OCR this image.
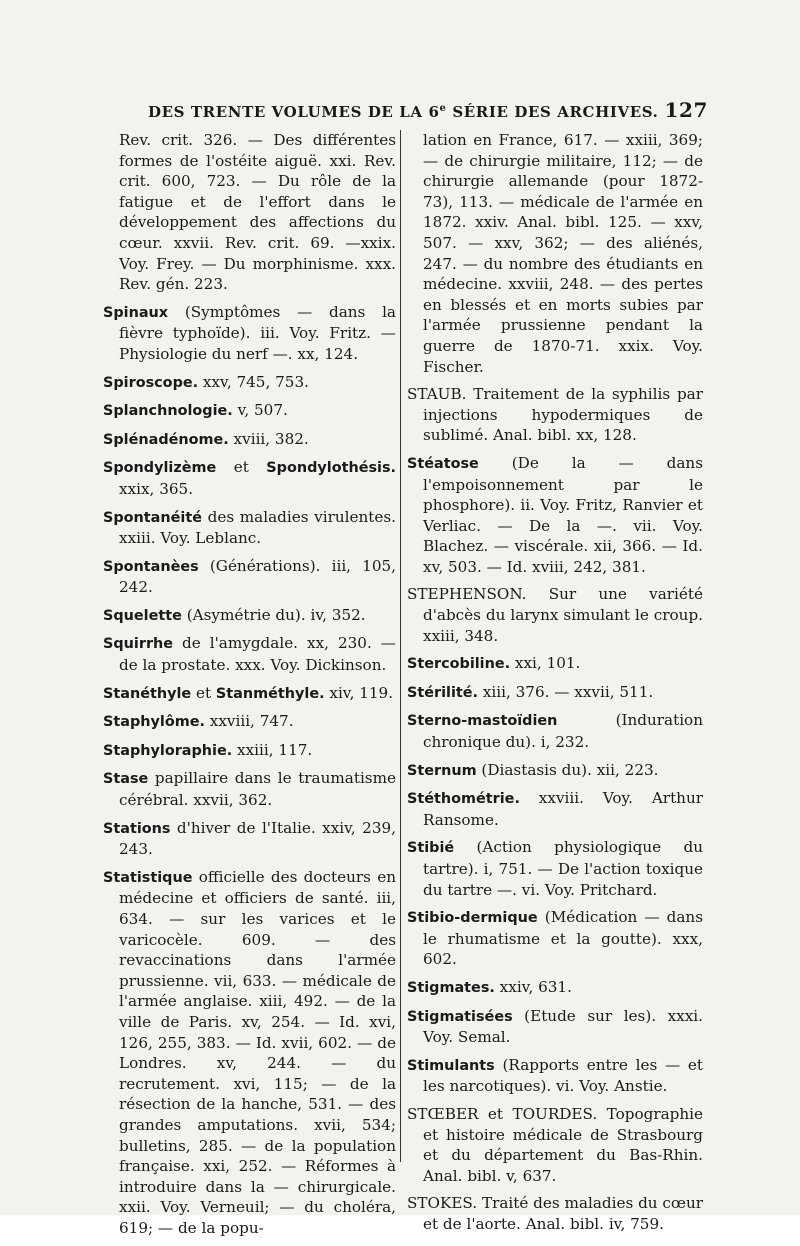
DES TRENTE VOLUMES DE LA 6e SÉRIE DES ARCHIVES. 127

Rev. crit. 326. — Des différentes formes de l'ostéite aiguë. xxi. Rev. crit. 600, 723. — Du rôle de la fatigue et de l'effort dans le développement des affections du cœur. xxvii. Rev. crit. 69. —xxix. Voy. Frey. — Du morphinisme. xxx. Rev. gén. 223.

Spinaux (Symptômes — dans la fièvre typhoïde). iii. Voy. Fritz. — Physiologie du nerf —. xx, 124.

Spiroscope. xxv, 745, 753.

Splanchnologie. v, 507.

Splénadénome. xviii, 382.

Spondylizème et Spondylothésis. xxix, 365.

Spontanéité des maladies virulentes. xxiii. Voy. Leblanc.

Spontanèes (Générations). iii, 105, 242.

Squelette (Asymétrie du). iv, 352.

Squirrhe de l'amygdale. xx, 230. — de la prostate. xxx. Voy. Dickinson.

Stanéthyle et Stanméthyle. xiv, 119.

Staphylôme. xxviii, 747.

Staphyloraphie. xxiii, 117.

Stase papillaire dans le traumatisme cérébral. xxvii, 362.

Stations d'hiver de l'Italie. xxiv, 239, 243.

Statistique officielle des docteurs en médecine et officiers de santé. iii, 634. — sur les varices et le varicocèle. 609. — des revaccinations dans l'armée prussienne. vii, 633. — médicale de l'armée anglaise. xiii, 492. — de la ville de Paris. xv, 254. — Id. xvi, 126, 255, 383. — Id. xvii, 602. — de Londres. xv, 244. — du recrutement. xvi, 115; — de la résection de la hanche, 531. — des grandes amputations. xvii, 534; bulletins, 285. — de la population française. xxi, 252. — Réformes à introduire dans la — chirurgicale. xxii. Voy. Verneuil; — du choléra, 619; — de la popu-

lation en France, 617. — xxiii, 369; — de chirurgie militaire, 112; — de chirurgie allemande (pour 1872-73), 113. — médicale de l'armée en 1872. xxiv. Anal. bibl. 125. — xxv, 507. — xxv, 362; — des aliénés, 247. — du nombre des étudiants en médecine. xxviii, 248. — des pertes en blessés et en morts subies par l'armée prussienne pendant la guerre de 1870-71. xxix. Voy. Fischer.

STAUB. Traitement de la syphilis par injections hypodermiques de sublimé. Anal. bibl. xx, 128.

Stéatose (De la — dans l'empoisonnement par le phosphore). ii. Voy. Fritz, Ranvier et Verliac. — De la —. vii. Voy. Blachez. — viscérale. xii, 366. — Id. xv, 503. — Id. xviii, 242, 381.

STEPHENSON. Sur une variété d'abcès du larynx simulant le croup. xxiii, 348.

Stercobiline. xxi, 101.

Stérilité. xiii, 376. — xxvii, 511.

Sterno-mastoïdien (Induration chronique du). i, 232.

Sternum (Diastasis du). xii, 223.

Stéthométrie. xxviii. Voy. Arthur Ransome.

Stibié (Action physiologique du tartre). i, 751. — De l'action toxique du tartre —. vi. Voy. Pritchard.

Stibio-dermique (Médication — dans le rhumatisme et la goutte). xxx, 602.

Stigmates. xxiv, 631.

Stigmatisées (Etude sur les). xxxi. Voy. Semal.

Stimulants (Rapports entre les — et les narcotiques). vi. Voy. Anstie.

STŒBER et TOURDES. Topographie et histoire médicale de Strasbourg et du département du Bas-Rhin. Anal. bibl. v, 637.

STOKES. Traité des maladies du cœur et de l'aorte. Anal. bibl. iv, 759.
